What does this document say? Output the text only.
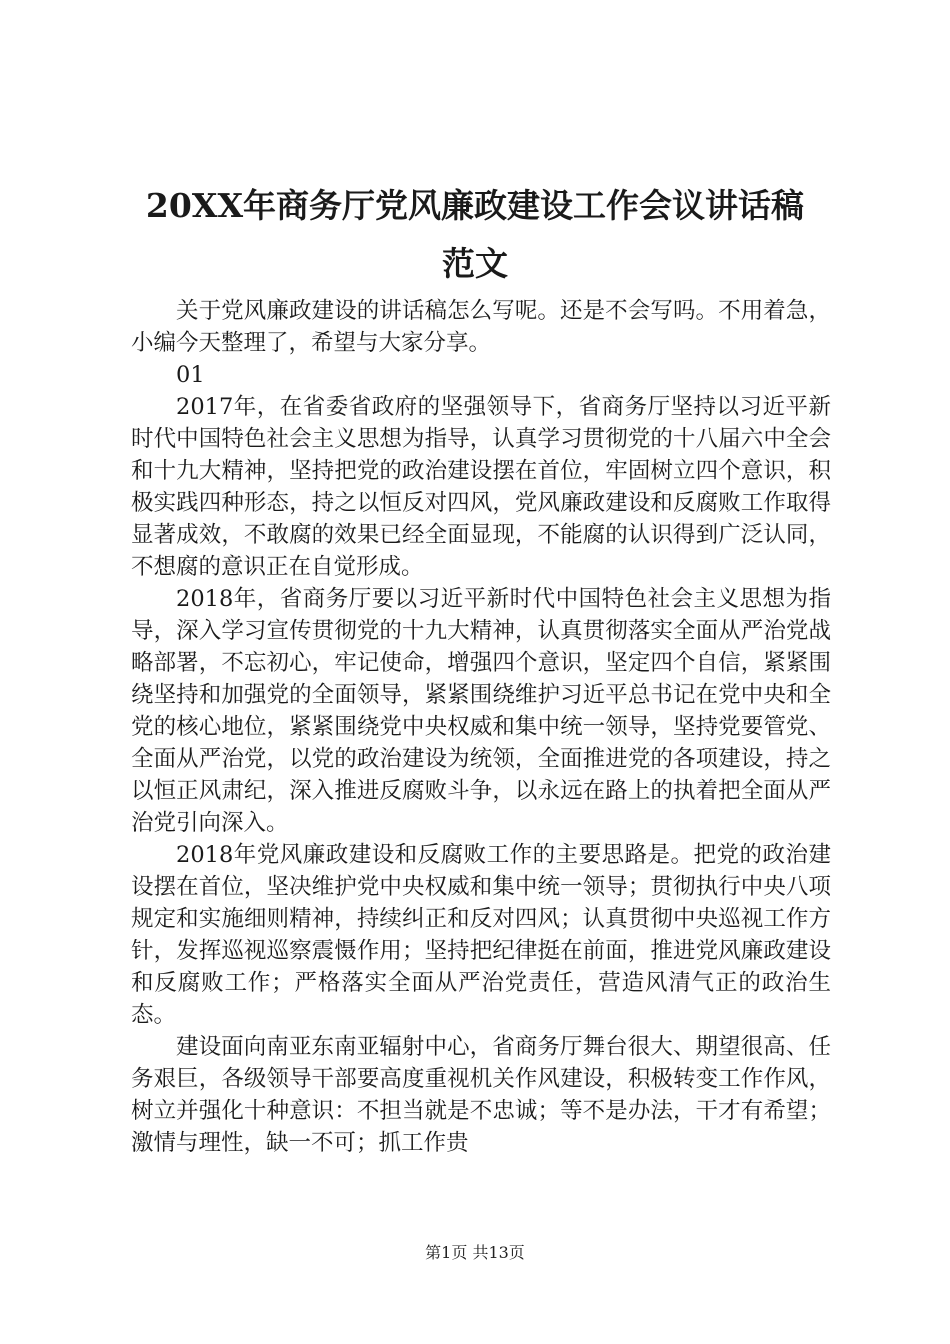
20XX年商务厅党风廉政建设工作会议讲话稿
范文

关于党风廉政建设的讲话稿怎么写呢。还是不会写吗。不用着急，小编今天整理了，希望与大家分享。

01

2017年，在省委省政府的坚强领导下，省商务厅坚持以习近平新时代中国特色社会主义思想为指导，认真学习贯彻党的十八届六中全会和十九大精神，坚持把党的政治建设摆在首位，牢固树立四个意识，积极实践四种形态，持之以恒反对四风，党风廉政建设和反腐败工作取得显著成效，不敢腐的效果已经全面显现，不能腐的认识得到广泛认同，不想腐的意识正在自觉形成。

2018年，省商务厅要以习近平新时代中国特色社会主义思想为指导，深入学习宣传贯彻党的十九大精神，认真贯彻落实全面从严治党战略部署，不忘初心，牢记使命，增强四个意识，坚定四个自信，紧紧围绕坚持和加强党的全面领导，紧紧围绕维护习近平总书记在党中央和全党的核心地位，紧紧围绕党中央权威和集中统一领导，坚持党要管党、全面从严治党，以党的政治建设为统领，全面推进党的各项建设，持之以恒正风肃纪，深入推进反腐败斗争，以永远在路上的执着把全面从严治党引向深入。

2018年党风廉政建设和反腐败工作的主要思路是。把党的政治建设摆在首位，坚决维护党中央权威和集中统一领导；贯彻执行中央八项规定和实施细则精神，持续纠正和反对四风；认真贯彻中央巡视工作方针，发挥巡视巡察震慑作用；坚持把纪律挺在前面，推进党风廉政建设和反腐败工作；严格落实全面从严治党责任，营造风清气正的政治生态。

建设面向南亚东南亚辐射中心，省商务厅舞台很大、期望很高、任务艰巨，各级领导干部要高度重视机关作风建设，积极转变工作作风，树立并强化十种意识：不担当就是不忠诚；等不是办法，干才有希望；激情与理性，缺一不可；抓工作贵

第1页 共13页
